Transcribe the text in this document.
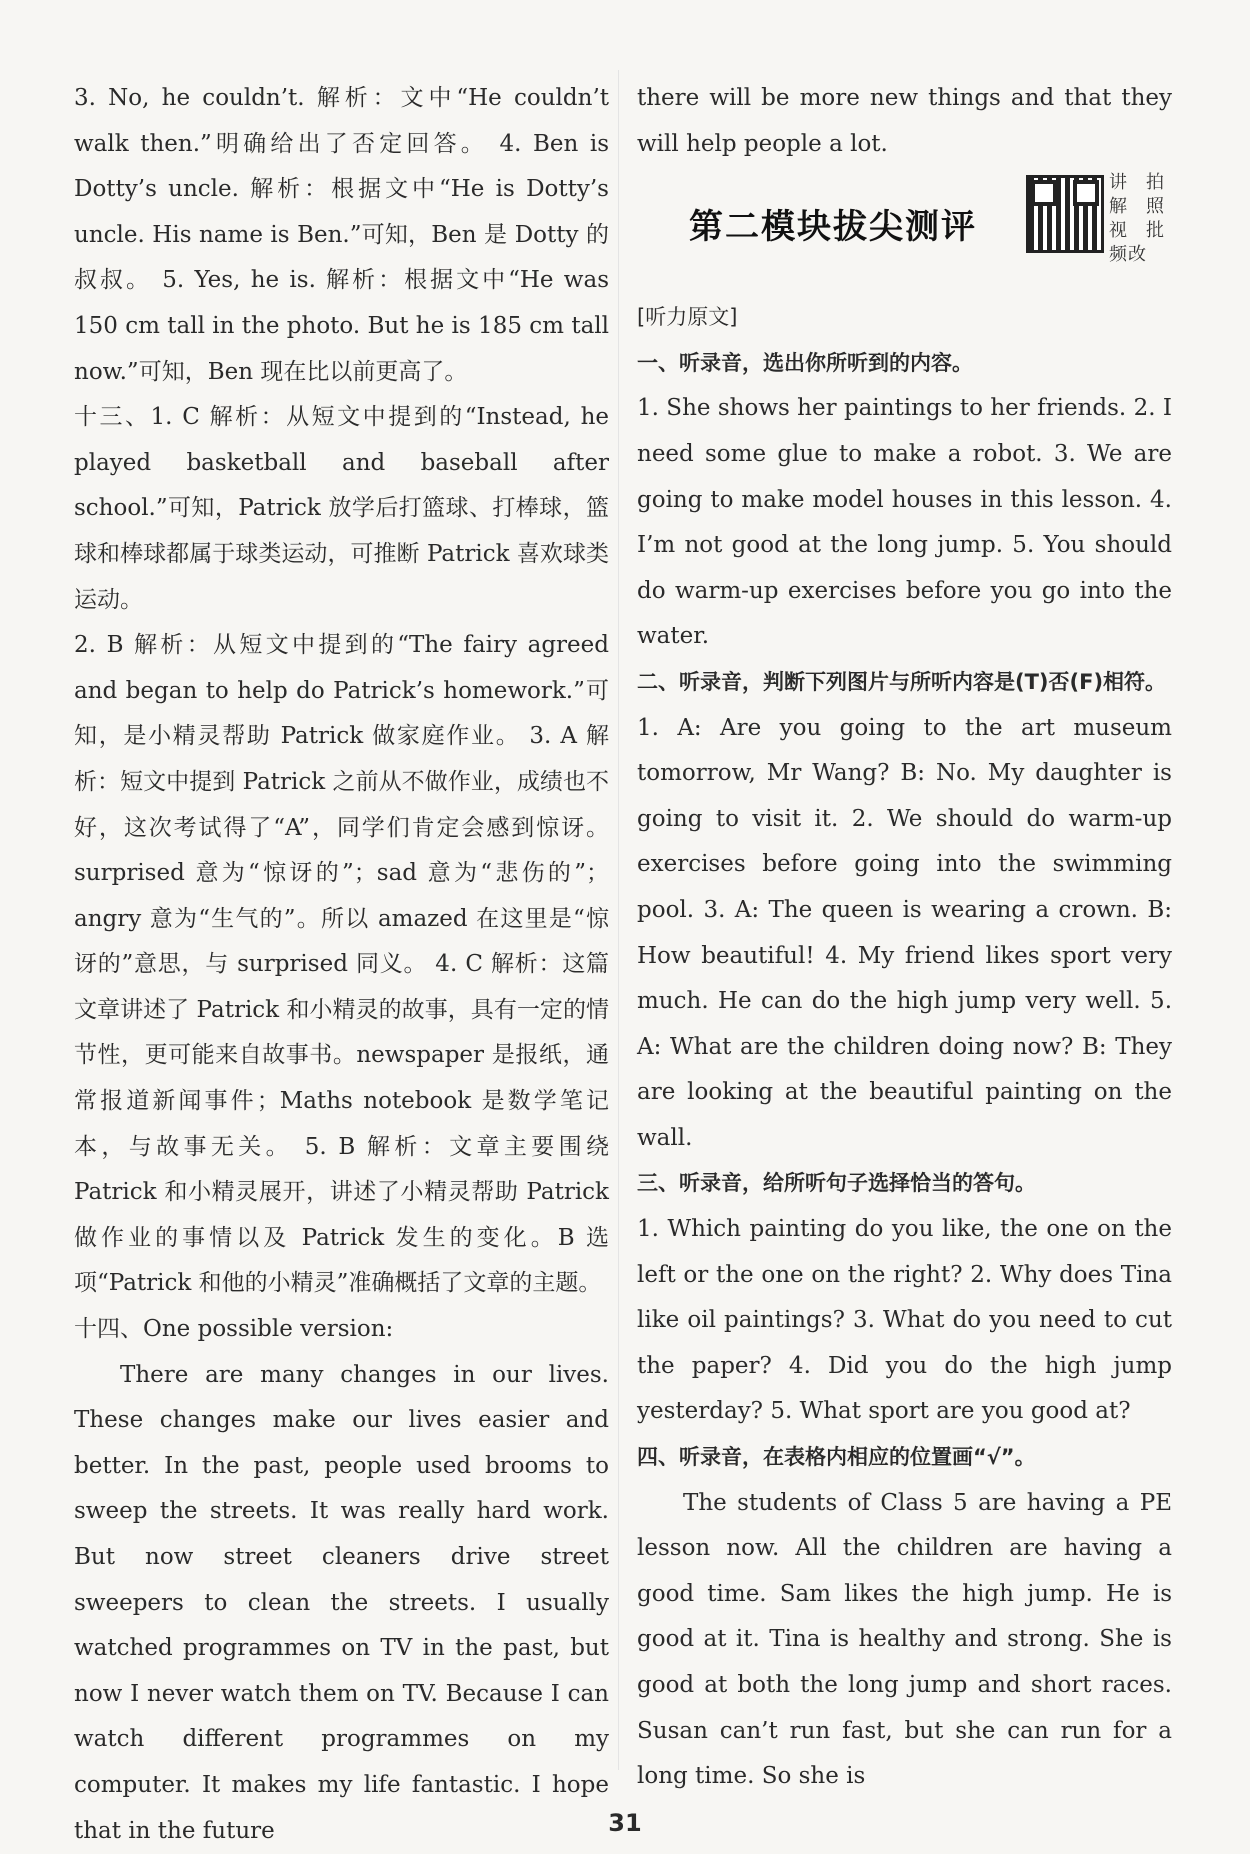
3. No, he couldn’t. 解析：文中“He couldn’t walk then.”明确给出了否定回答。 4. Ben is Dotty’s uncle. 解析：根据文中“He is Dotty’s uncle. His name is Ben.”可知，Ben 是 Dotty 的叔叔。 5. Yes, he is. 解析：根据文中“He was 150 cm tall in the photo. But he is 185 cm tall now.”可知，Ben 现在比以前更高了。

十三、1. C 解析：从短文中提到的“Instead, he played basketball and baseball after school.”可知，Patrick 放学后打篮球、打棒球，篮球和棒球都属于球类运动，可推断 Patrick 喜欢球类运动。

2. B 解析：从短文中提到的“The fairy agreed and began to help do Patrick’s homework.”可知，是小精灵帮助 Patrick 做家庭作业。 3. A 解析：短文中提到 Patrick 之前从不做作业，成绩也不好，这次考试得了“A”，同学们肯定会感到惊讶。surprised 意为“惊讶的”；sad 意为“悲伤的”；angry 意为“生气的”。所以 amazed 在这里是“惊讶的”意思，与 surprised 同义。 4. C 解析：这篇文章讲述了 Patrick 和小精灵的故事，具有一定的情节性，更可能来自故事书。newspaper 是报纸，通常报道新闻事件；Maths notebook 是数学笔记本，与故事无关。 5. B 解析：文章主要围绕 Patrick 和小精灵展开，讲述了小精灵帮助 Patrick 做作业的事情以及 Patrick 发生的变化。B 选项“Patrick 和他的小精灵”准确概括了文章的主题。

十四、One possible version:

There are many changes in our lives. These changes make our lives easier and better. In the past, people used brooms to sweep the streets. It was really hard work. But now street cleaners drive street sweepers to clean the streets. I usually watched programmes on TV in the past, but now I never watch them on TV. Because I can watch different programmes on my computer. It makes my life fantastic. I hope that in the future

there will be more new things and that they will help people a lot.

第二模块拔尖测评
讲拍解照视批频改

[听力原文]

一、听录音，选出你所听到的内容。

1. She shows her paintings to her friends. 2. I need some glue to make a robot. 3. We are going to make model houses in this lesson. 4. I’m not good at the long jump. 5. You should do warm-up exercises before you go into the water.

二、听录音，判断下列图片与所听内容是(T)否(F)相符。

1. A: Are you going to the art museum tomorrow, Mr Wang? B: No. My daughter is going to visit it. 2. We should do warm-up exercises before going into the swimming pool. 3. A: The queen is wearing a crown. B: How beautiful! 4. My friend likes sport very much. He can do the high jump very well. 5. A: What are the children doing now? B: They are looking at the beautiful painting on the wall.

三、听录音，给所听句子选择恰当的答句。

1. Which painting do you like, the one on the left or the one on the right? 2. Why does Tina like oil paintings? 3. What do you need to cut the paper? 4. Did you do the high jump yesterday? 5. What sport are you good at?

四、听录音，在表格内相应的位置画“√”。

The students of Class 5 are having a PE lesson now. All the children are having a good time. Sam likes the high jump. He is good at it. Tina is healthy and strong. She is good at both the long jump and short races. Susan can’t run fast, but she can run for a long time. So she is

31
